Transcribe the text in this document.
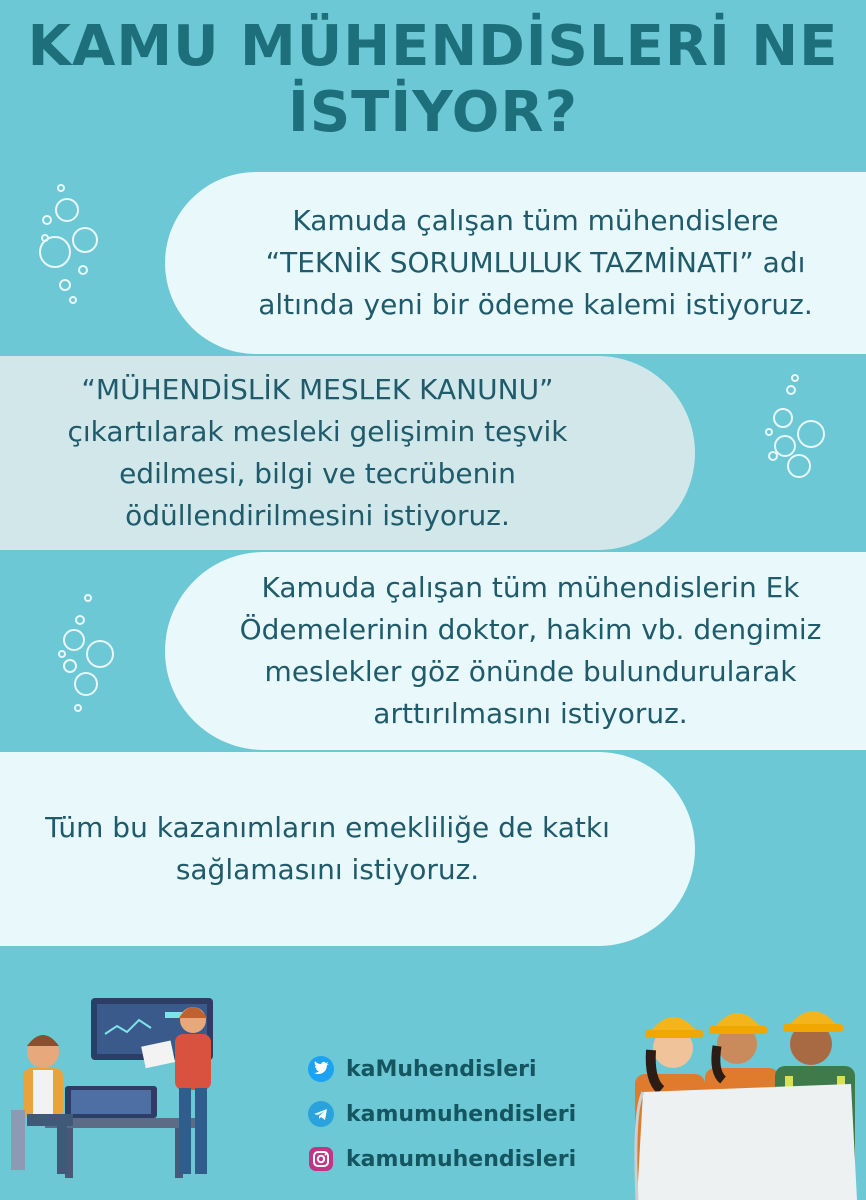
KAMU MÜHENDİSLERİ NE
İSTİYOR?
Kamuda çalışan tüm mühendislere
“TEKNİK SORUMLULUK TAZMİNATI” adı
altında yeni bir ödeme kalemi istiyoruz.
“MÜHENDİSLİK MESLEK KANUNU”
çıkartılarak mesleki gelişimin teşvik
edilmesi, bilgi ve tecrübenin
ödüllendirilmesini istiyoruz.
Kamuda çalışan tüm mühendislerin Ek
Ödemelerinin doktor, hakim vb. dengimiz
meslekler göz önünde bulundurularak
arttırılmasını istiyoruz.
Tüm bu kazanımların emekliliğe de katkı
sağlamasını istiyoruz.
kaMuhendisleri
kamumuhendisleri
kamumuhendisleri
